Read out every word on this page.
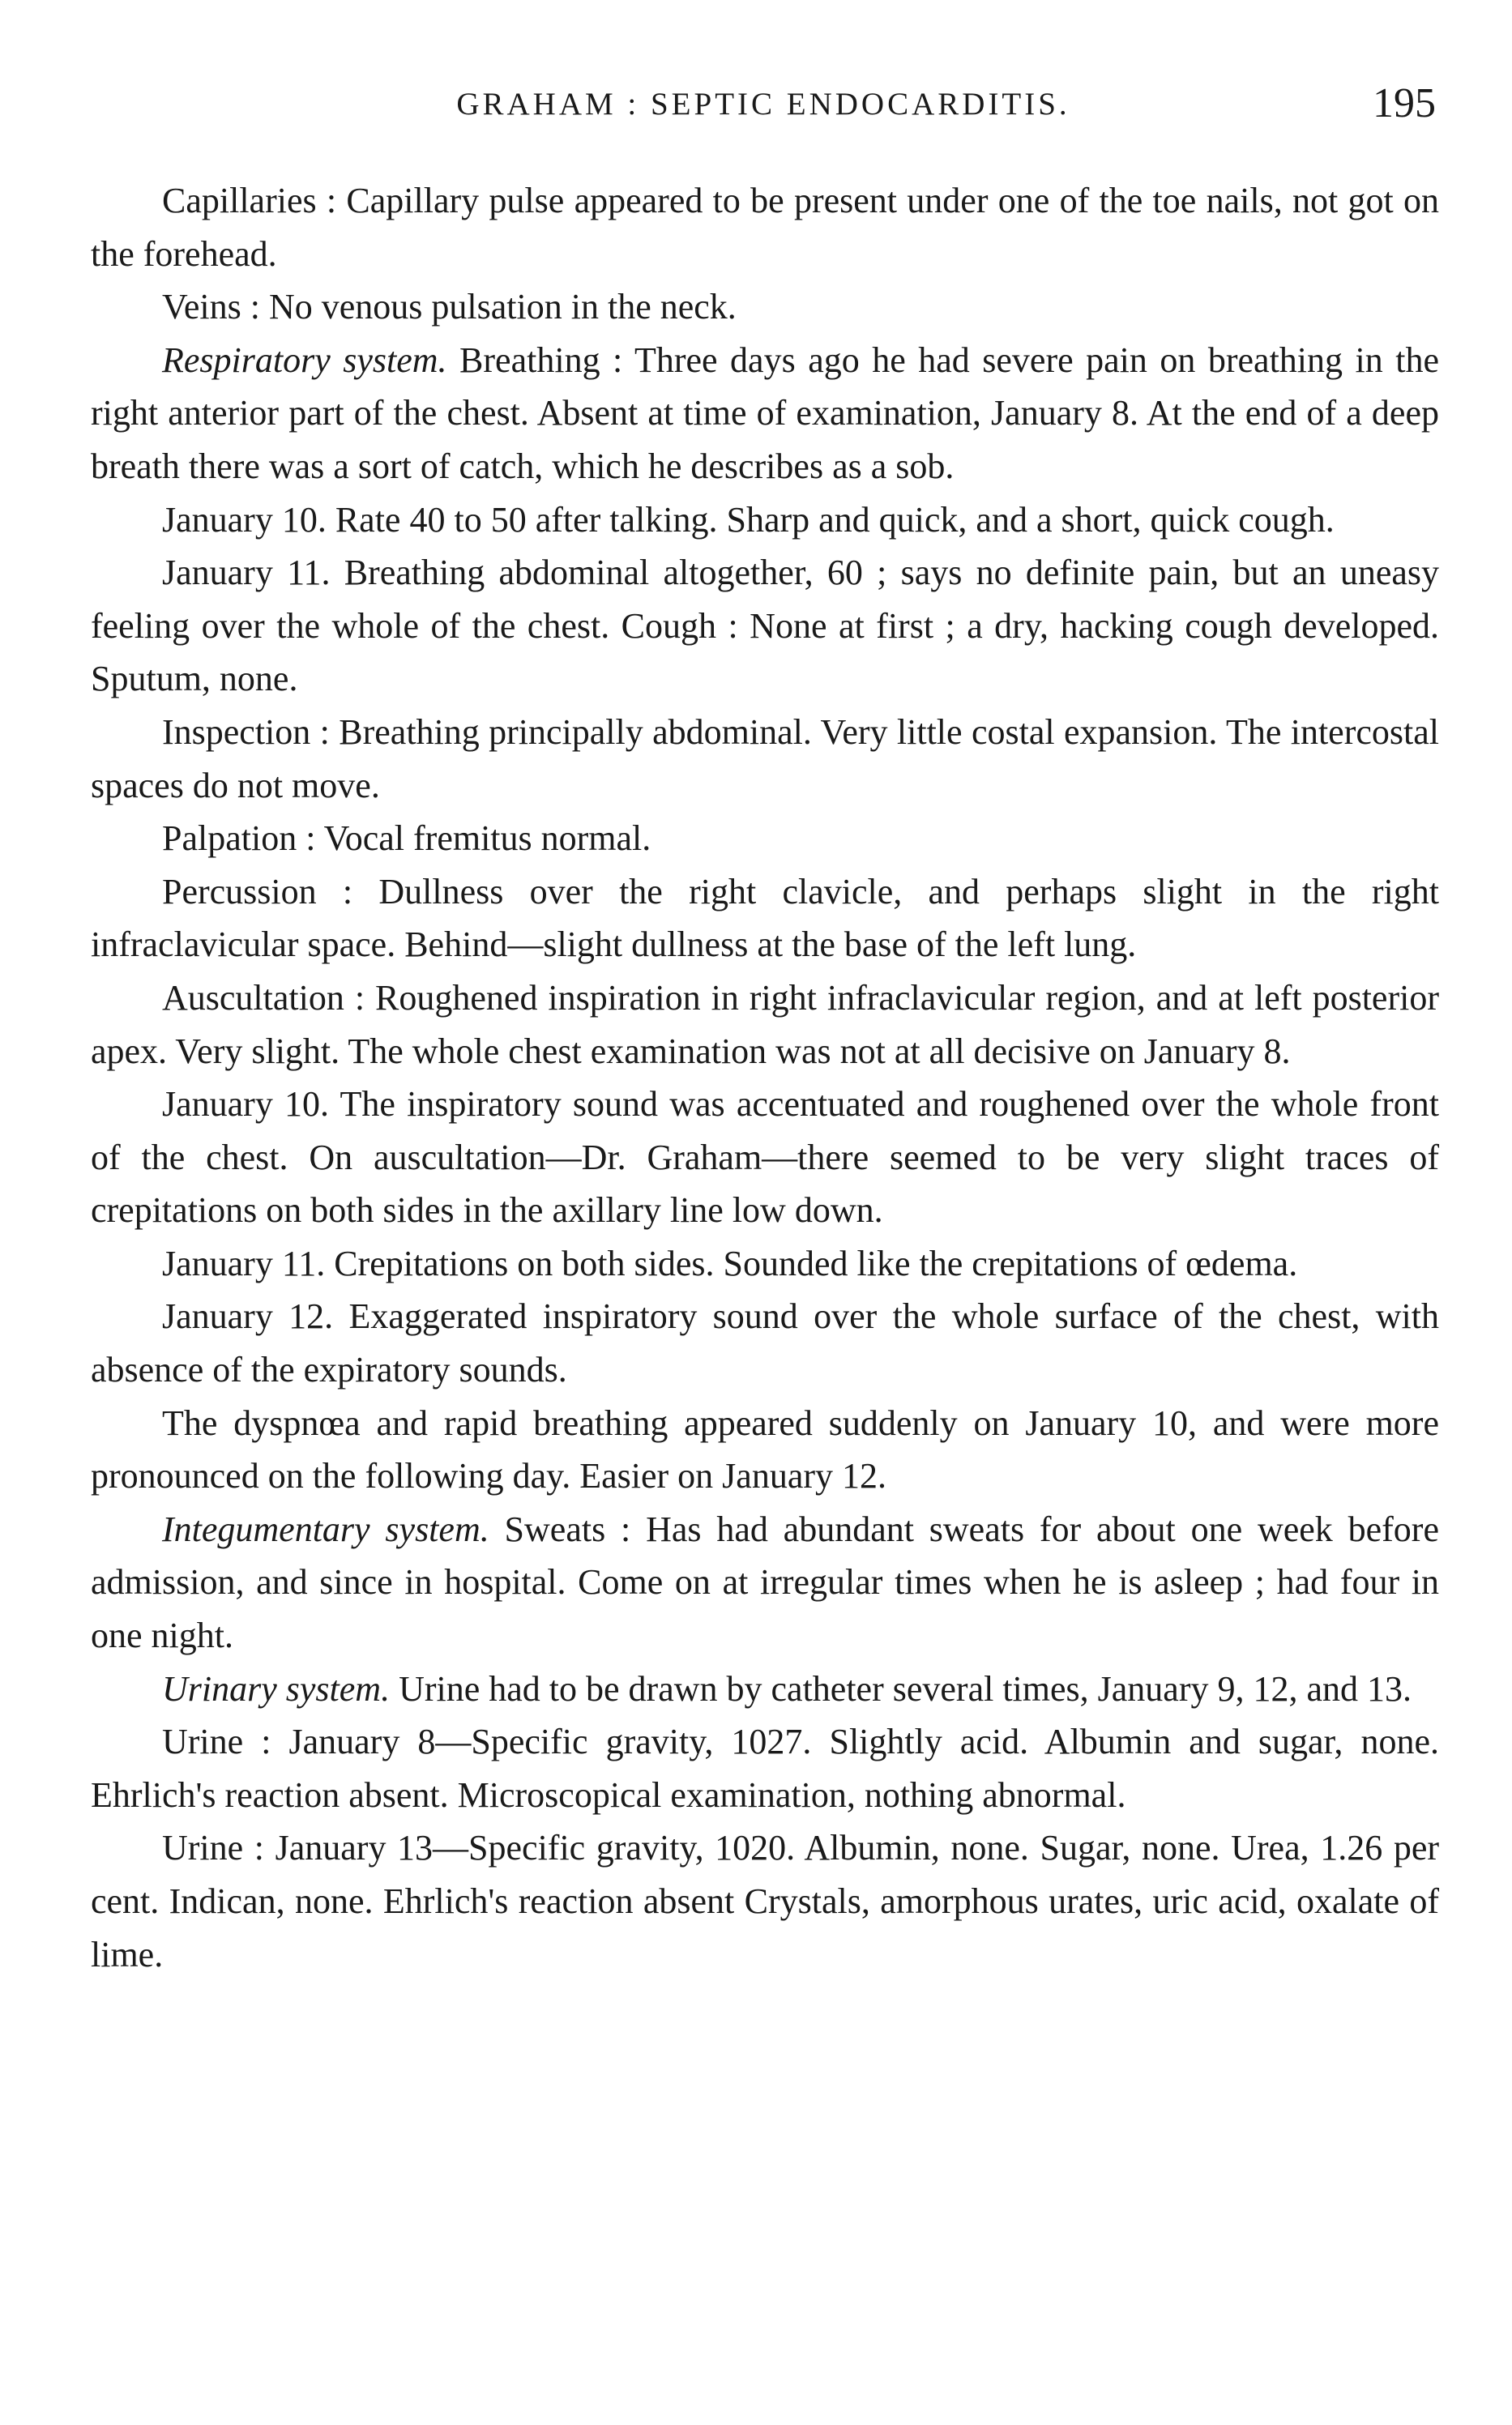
GRAHAM : SEPTIC ENDOCARDITIS.	195

Capillaries : Capillary pulse appeared to be present under one of the toe nails, not got on the forehead.

Veins : No venous pulsation in the neck.

Respiratory system. Breathing : Three days ago he had severe pain on breathing in the right anterior part of the chest. Absent at time of examination, January 8. At the end of a deep breath there was a sort of catch, which he describes as a sob.

January 10. Rate 40 to 50 after talking. Sharp and quick, and a short, quick cough.

January 11. Breathing abdominal altogether, 60 ; says no definite pain, but an uneasy feeling over the whole of the chest. Cough : None at first ; a dry, hacking cough developed. Sputum, none.

Inspection : Breathing principally abdominal. Very little costal expansion. The intercostal spaces do not move.

Palpation : Vocal fremitus normal.

Percussion : Dullness over the right clavicle, and perhaps slight in the right infraclavicular space. Behind—slight dullness at the base of the left lung.

Auscultation : Roughened inspiration in right infraclavicular region, and at left posterior apex. Very slight. The whole chest examination was not at all decisive on January 8.

January 10. The inspiratory sound was accentuated and roughened over the whole front of the chest. On auscultation—Dr. Graham—there seemed to be very slight traces of crepitations on both sides in the axillary line low down.

January 11. Crepitations on both sides. Sounded like the crepitations of œdema.

January 12. Exaggerated inspiratory sound over the whole surface of the chest, with absence of the expiratory sounds.

The dyspnœa and rapid breathing appeared suddenly on January 10, and were more pronounced on the following day. Easier on January 12.

Integumentary system. Sweats : Has had abundant sweats for about one week before admission, and since in hospital. Come on at irregular times when he is asleep ; had four in one night.

Urinary system. Urine had to be drawn by catheter several times, January 9, 12, and 13.

Urine : January 8—Specific gravity, 1027. Slightly acid. Albumin and sugar, none. Ehrlich's reaction absent. Microscopical examination, nothing abnormal.

Urine : January 13—Specific gravity, 1020. Albumin, none. Sugar, none. Urea, 1.26 per cent. Indican, none. Ehrlich's reaction absent Crystals, amorphous urates, uric acid, oxalate of lime.
